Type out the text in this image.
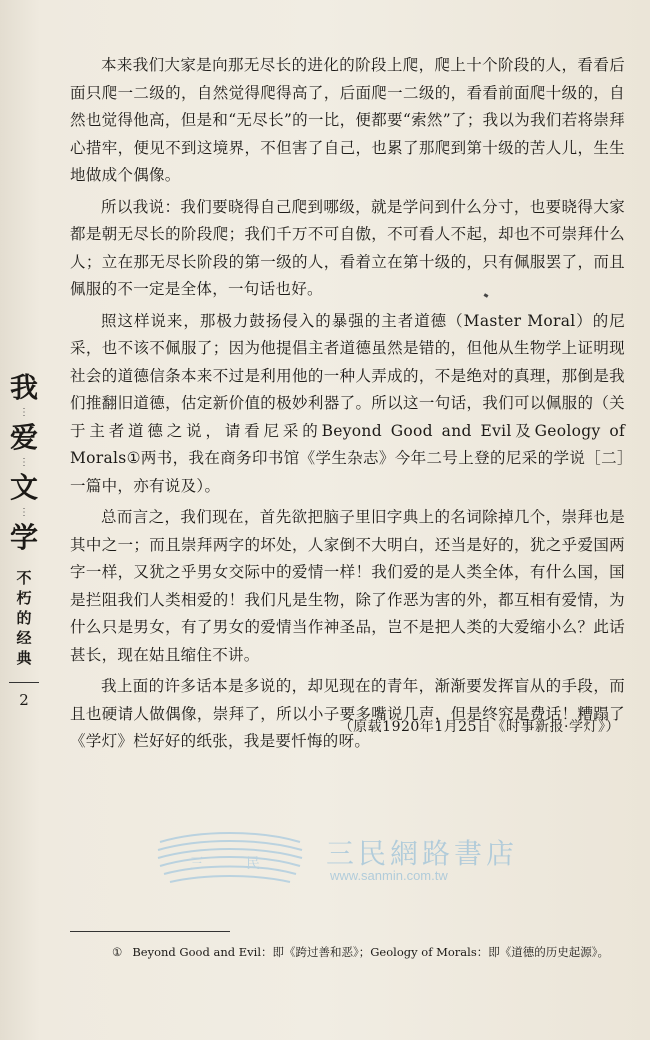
本来我们大家是向那无尽长的进化的阶段上爬，爬上十个阶段的人，看看后面只爬一二级的，自然觉得爬得高了，后面爬一二级的，看看前面爬十级的，自然也觉得他高，但是和“无尽长”的一比，便都要“索然”了；我以为我们若将崇拜心措牢，便见不到这境界，不但害了自己，也累了那爬到第十级的苦人儿，生生地做成个偶像。

所以我说：我们要晓得自己爬到哪级，就是学问到什么分寸，也要晓得大家都是朝无尽长的阶段爬；我们千万不可自傲，不可看人不起，却也不可崇拜什么人；立在那无尽长阶段的第一级的人，看着立在第十级的，只有佩服罢了，而且佩服的不一定是全体，一句话也好。

照这样说来，那极力鼓扬侵入的暴强的主者道德（Master Moral）的尼采，也不该不佩服了；因为他提倡主者道德虽然是错的，但他从生物学上证明现社会的道德信条本来不过是利用他的一种人弄成的，不是绝对的真理，那倒是我们推翻旧道德，估定新价值的极妙利器了。所以这一句话，我们可以佩服的（关于主者道德之说，请看尼采的Beyond Good and Evil及Geology of Morals①两书，我在商务印书馆《学生杂志》今年二号上登的尼采的学说［二］一篇中，亦有说及）。

总而言之，我们现在，首先欲把脑子里旧字典上的名词除掉几个，崇拜也是其中之一；而且崇拜两字的坏处，人家倒不大明白，还当是好的，犹之乎爱国两字一样，又犹之乎男女交际中的爱情一样！我们爱的是人类全体，有什么国，国是拦阻我们人类相爱的！我们凡是生物，除了作恶为害的外，都互相有爱情，为什么只是男女，有了男女的爱情当作神圣品，岂不是把人类的大爱缩小么？此话甚长，现在姑且缩住不讲。

我上面的许多话本是多说的，却见现在的青年，渐渐要发挥盲从的手段，而且也硬请人做偶像，崇拜了，所以小子要多嘴说几声，但是终究是费话！糟蹋了《学灯》栏好好的纸张，我是要忏悔的呀。

（原载1920年1月25日《时事新报·学灯》）
我
⋮
爱
⋮
文
⋮
学
不朽的经典
2
三	民 三民網路書店
www.sanmin.com.tw
① Beyond Good and Evil：即《跨过善和恶》；Geology of Morals：即《道德的历史起源》。
